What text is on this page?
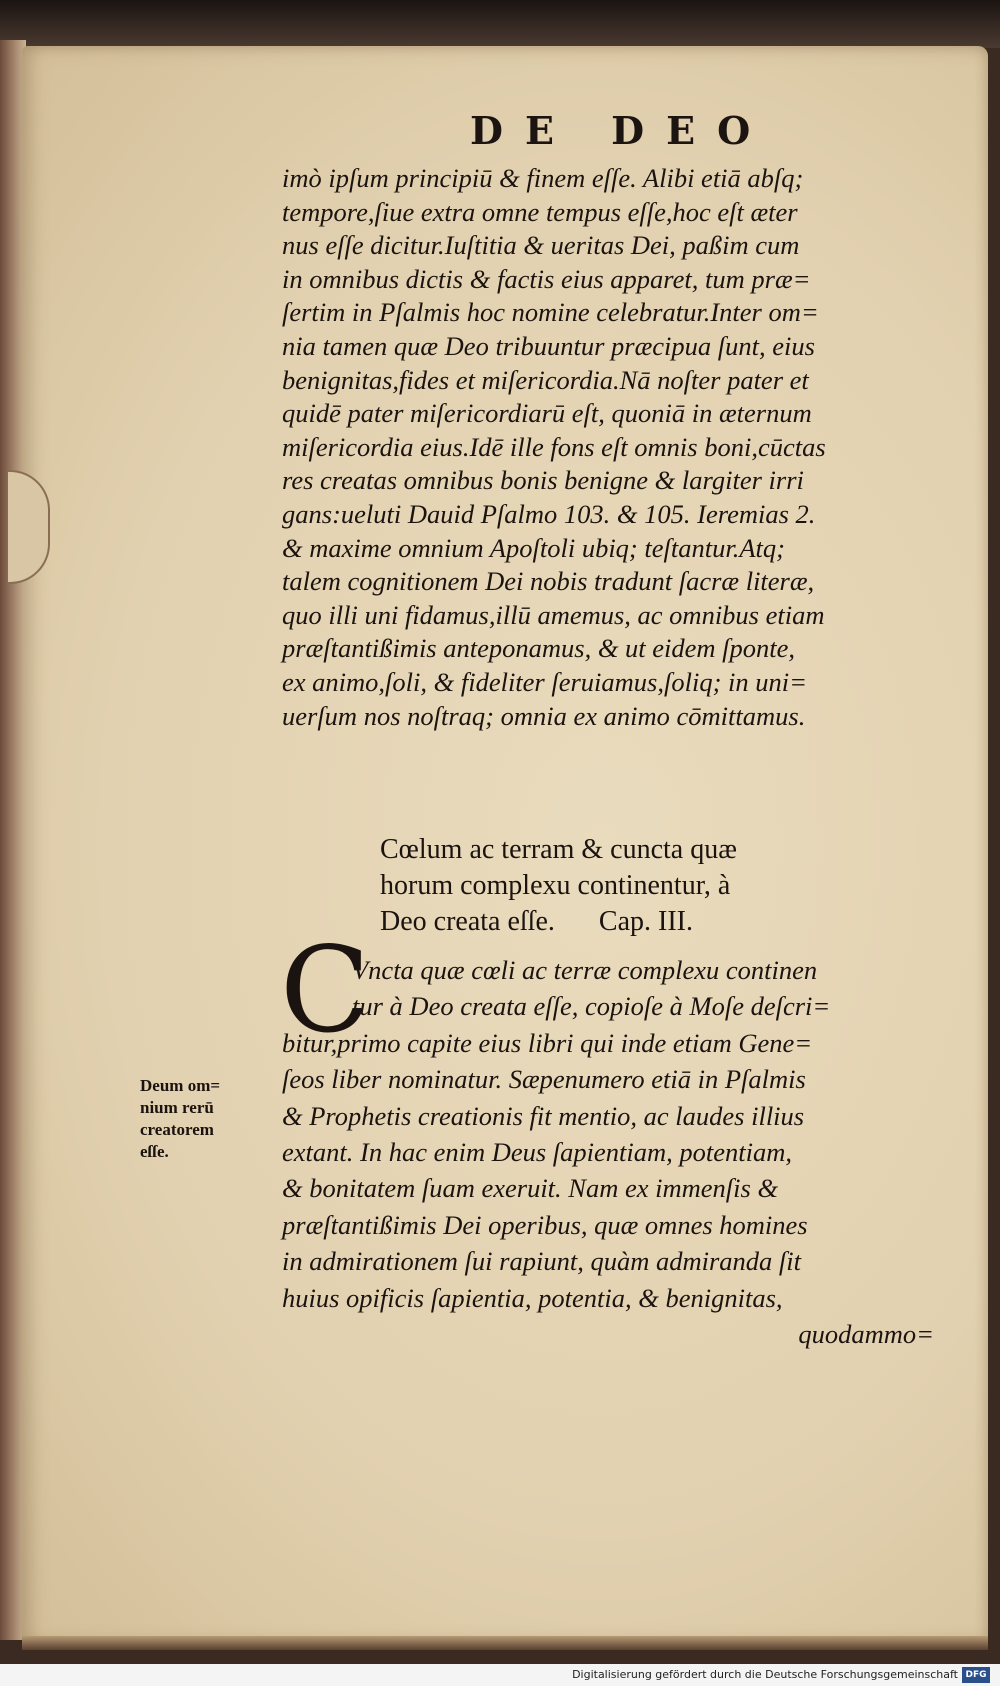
DE DEO
imò ipſum principiū & finem eſſe. Alibi etiā abſq;
tempore,ſiue extra omne tempus eſſe,hoc eſt æter
nus eſſe dicitur.Iuſtitia & ueritas Dei, paßim cum
in omnibus dictis & factis eius apparet, tum præ=
ſertim in Pſalmis hoc nomine celebratur.Inter om=
nia tamen quæ Deo tribuuntur præcipua ſunt, eius
benignitas,fides et miſericordia.Nā noſter pater et
quidē pater miſericordiarū eſt, quoniā in æternum
miſericordia eius.Idē ille fons eſt omnis boni,cūctas
res creatas omnibus bonis benigne & largiter irri
gans:ueluti Dauid Pſalmo 103. & 105. Ieremias 2.
& maxime omnium Apoſtoli ubiq; teſtantur.Atq;
talem cognitionem Dei nobis tradunt ſacræ literæ,
quo illi uni fidamus,illū amemus, ac omnibus etiam
præſtantißimis anteponamus, & ut eidem ſponte,
ex animo,ſoli, & fideliter ſeruiamus,ſoliq; in uni=
uerſum nos noſtraq; omnia ex animo cōmittamus.
Cœlum ac terram & cuncta quæ
horum complexu continentur, à
Deo creata eſſe. Cap. III.
C
Vncta quæ cœli ac terræ complexu continen
tur à Deo creata eſſe, copioſe à Moſe deſcri=
bitur,primo capite eius libri qui inde etiam Gene=
ſeos liber nominatur. Sæpenumero etiā in Pſalmis
& Prophetis creationis fit mentio, ac laudes illius
extant. In hac enim Deus ſapientiam, potentiam,
& bonitatem ſuam exeruit. Nam ex immenſis &
præſtantißimis Dei operibus, quæ omnes homines
in admirationem ſui rapiunt, quàm admiranda ſit
huius opificis ſapientia, potentia, & benignitas,
quodammo=
Deum om=
nium rerū
creatorem
eſſe.
Digitalisierung gefördert durch die Deutsche Forschungsgemeinschaft DFG
